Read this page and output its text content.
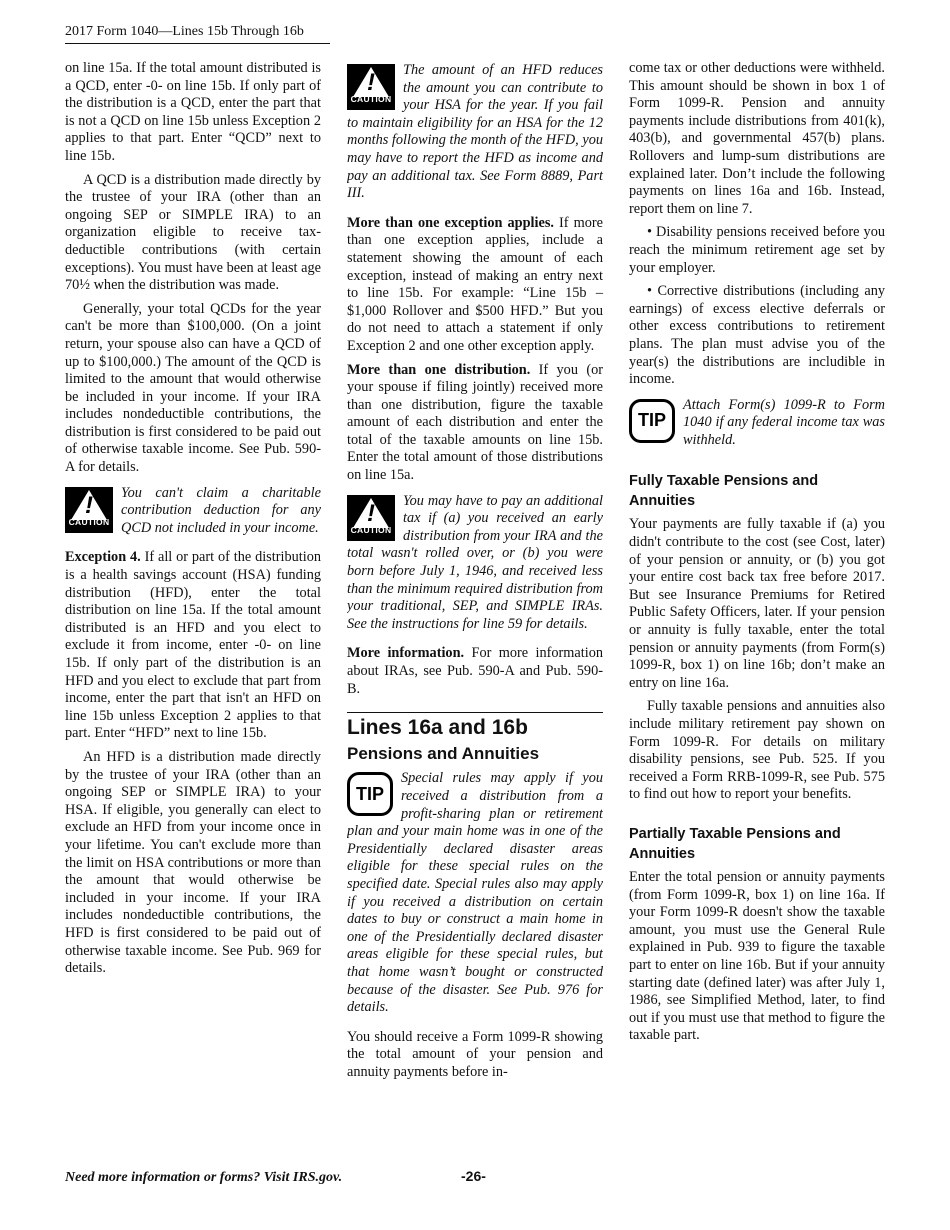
2017 Form 1040—Lines 15b Through 16b

on line 15a. If the total amount distributed is a QCD, enter -0- on line 15b. If only part of the distribution is a QCD, enter the part that is not a QCD on line 15b unless Exception 2 applies to that part. Enter “QCD” next to line 15b.

A QCD is a distribution made directly by the trustee of your IRA (other than an ongoing SEP or SIMPLE IRA) to an organization eligible to receive tax-deductible contributions (with certain exceptions). You must have been at least age 70½ when the distribution was made.

Generally, your total QCDs for the year can't be more than $100,000. (On a joint return, your spouse also can have a QCD of up to $100,000.) The amount of the QCD is limited to the amount that would otherwise be included in your income. If your IRA includes nondeductible contributions, the distribution is first considered to be paid out of otherwise taxable income. See Pub. 590-A for details.

!
CAUTION
You can't claim a charitable contribution deduction for any QCD not included in your income.

Exception 4. If all or part of the distribution is a health savings account (HSA) funding distribution (HFD), enter the total distribution on line 15a. If the total amount distributed is an HFD and you elect to exclude it from income, enter -0- on line 15b. If only part of the distribution is an HFD and you elect to exclude that part from income, enter the part that isn't an HFD on line 15b unless Exception 2 applies to that part. Enter “HFD” next to line 15b.

An HFD is a distribution made directly by the trustee of your IRA (other than an ongoing SEP or SIMPLE IRA) to your HSA. If eligible, you generally can elect to exclude an HFD from your income once in your lifetime. You can't exclude more than the limit on HSA contributions or more than the amount that would otherwise be included in your income. If your IRA includes nondeductible contributions, the HFD is first considered to be paid out of otherwise taxable income. See Pub. 969 for details.

!
CAUTION
The amount of an HFD reduces the amount you can contribute to your HSA for the year. If you fail to maintain eligibility for an HSA for the 12 months following the month of the HFD, you may have to report the HFD as income and pay an additional tax. See Form 8889, Part III.

More than one exception applies. If more than one exception applies, include a statement showing the amount of each exception, instead of making an entry next to line 15b. For example: “Line 15b – $1,000 Rollover and $500 HFD.” But you do not need to attach a statement if only Exception 2 and one other exception apply.

More than one distribution. If you (or your spouse if filing jointly) received more than one distribution, figure the taxable amount of each distribution and enter the total of the taxable amounts on line 15b. Enter the total amount of those distributions on line 15a.

!
CAUTION
You may have to pay an additional tax if (a) you received an early distribution from your IRA and the total wasn't rolled over, or (b) you were born before July 1, 1946, and received less than the minimum required distribution from your traditional, SEP, and SIMPLE IRAs. See the instructions for line 59 for details.

More information. For more information about IRAs, see Pub. 590-A and Pub. 590-B.

Lines 16a and 16b
Pensions and Annuities
TIP
Special rules may apply if you received a distribution from a profit-sharing plan or retirement plan and your main home was in one of the Presidentially declared disaster areas eligible for these special rules on the specified date. Special rules also may apply if you received a distribution on certain dates to buy or construct a main home in one of the Presidentially declared disaster areas eligible for these special rules, but that home wasn’t bought or constructed because of the disaster. See Pub. 976 for details.

You should receive a Form 1099-R showing the total amount of your pension and annuity payments before in-

come tax or other deductions were withheld. This amount should be shown in box 1 of Form 1099-R. Pension and annuity payments include distributions from 401(k), 403(b), and governmental 457(b) plans. Rollovers and lump-sum distributions are explained later. Don’t include the following payments on lines 16a and 16b. Instead, report them on line 7.

• Disability pensions received before you reach the minimum retirement age set by your employer.

• Corrective distributions (including any earnings) of excess elective deferrals or other excess contributions to retirement plans. The plan must advise you of the year(s) the distributions are includible in income.

TIP
Attach Form(s) 1099-R to Form 1040 if any federal income tax was withheld.
Fully Taxable Pensions and Annuities

Your payments are fully taxable if (a) you didn't contribute to the cost (see Cost, later) of your pension or annuity, or (b) you got your entire cost back tax free before 2017. But see Insurance Premiums for Retired Public Safety Officers, later. If your pension or annuity is fully taxable, enter the total pension or annuity payments (from Form(s) 1099-R, box 1) on line 16b; don’t make an entry on line 16a.

Fully taxable pensions and annuities also include military retirement pay shown on Form 1099-R. For details on military disability pensions, see Pub. 525. If you received a Form RRB-1099-R, see Pub. 575 to find out how to report your benefits.

Partially Taxable Pensions and Annuities

Enter the total pension or annuity payments (from Form 1099-R, box 1) on line 16a. If your Form 1099-R doesn't show the taxable amount, you must use the General Rule explained in Pub. 939 to figure the taxable part to enter on line 16b. But if your annuity starting date (defined later) was after July 1, 1986, see Simplified Method, later, to find out if you must use that method to figure the taxable part.

Need more information or forms? Visit IRS.gov.	-26-
